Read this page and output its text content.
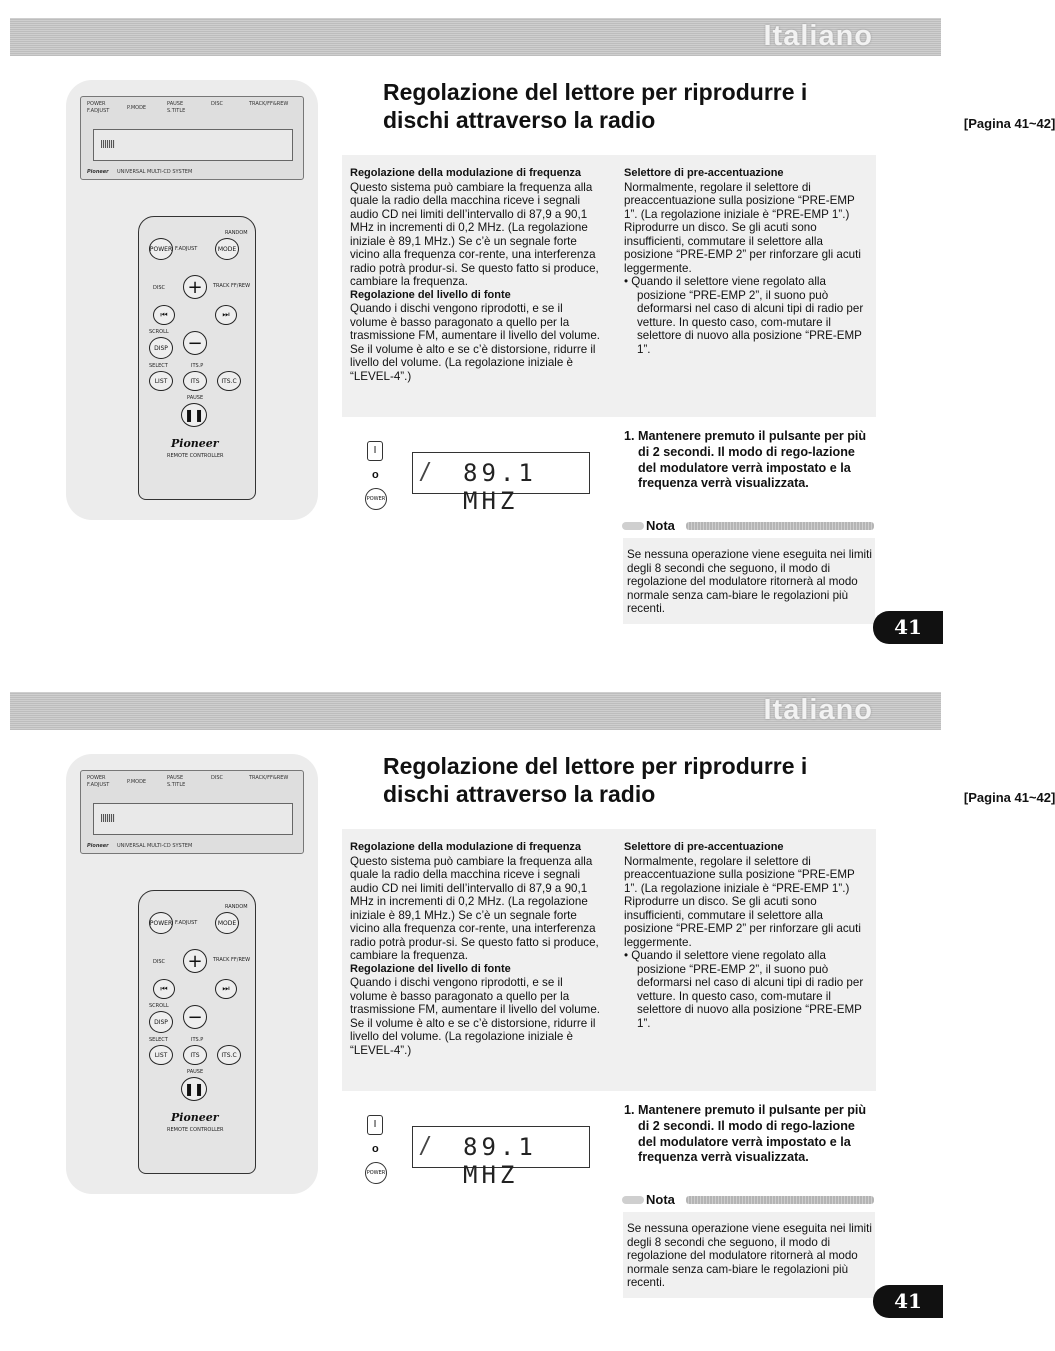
Italiano
POWER
F.ADJUST	P.MODE
PAUSE
S.TITLE
DISC	TRACK/FF&REW
Pioneer UNIVERSAL MULTI-CD SYSTEM
RANDOM
POWER F.ADJUST	MODE
DISC +	TRACK FF/REW
⏮	⏭
SCROLL
DISP −
SELECT	ITS.P
LIST	ITS	ITS.C
PAUSE
❚❚
Pioneer
REMOTE CONTROLLER
Regolazione del lettore per riprodurre i
dischi attraverso la radio	[Pagina 41~42]
Regolazione della modulazione di frequenza

Questo sistema può cambiare la frequenza alla quale la radio della macchina riceve i segnali audio CD nei limiti dell’intervallo di 87,9 a 90,1 MHz in incrementi di 0,2 MHz. (La regolazione iniziale è 89,1 MHz.) Se c’è un segnale forte vicino alla frequenza cor-rente, una interferenza radio potrà produr-si. Se questo fatto si produce, cambiare la frequenza.

Regolazione del livello di fonte

Quando i dischi vengono riprodotti, e se il volume è basso paragonato a quello per la trasmissione FM, aumentare il livello del volume. Se il volume è alto e se c’è distorsione, ridurre il livello del volume. (La regolazione iniziale è “LEVEL-4”.)

Selettore di pre-accentuazione

Normalmente, regolare il selettore di preaccentuazione sulla posizione “PRE-EMP 1”. (La regolazione iniziale è “PRE-EMP 1”.)

Riprodurre un disco. Se gli acuti sono insufficienti, commutare il selettore alla posizione “PRE-EMP 2” per rinforzare gli acuti leggermente.

• Quando il selettore viene regolato alla posizione “PRE-EMP 2”, il suono può deformarsi nel caso di alcuni tipi di radio per vetture. In questo caso, com-mutare il selettore di nuovo alla posizione “PRE-EMP 1”.

I
o
POWER
/ 89.1 MHZ
1. Mantenere premuto il pulsante per più di 2 secondi. Il modo di rego-lazione del modulatore verrà impostato e la frequenza verrà visualizzata.
Nota
Se nessuna operazione viene eseguita nei limiti degli 8 secondi che seguono, il modo di regolazione del modulatore ritornerà al modo normale senza cam-biare le regolazioni più recenti.
41
Italiano
POWER
F.ADJUST	P.MODE
PAUSE
S.TITLE
DISC	TRACK/FF&REW
Pioneer UNIVERSAL MULTI-CD SYSTEM
RANDOM
POWER F.ADJUST	MODE
DISC +	TRACK FF/REW
⏮	⏭
SCROLL
DISP −
SELECT	ITS.P
LIST	ITS	ITS.C
PAUSE
❚❚
Pioneer
REMOTE CONTROLLER
Regolazione del lettore per riprodurre i
dischi attraverso la radio	[Pagina 41~42]
Regolazione della modulazione di frequenza

Questo sistema può cambiare la frequenza alla quale la radio della macchina riceve i segnali audio CD nei limiti dell’intervallo di 87,9 a 90,1 MHz in incrementi di 0,2 MHz. (La regolazione iniziale è 89,1 MHz.) Se c’è un segnale forte vicino alla frequenza cor-rente, una interferenza radio potrà produr-si. Se questo fatto si produce, cambiare la frequenza.

Regolazione del livello di fonte

Quando i dischi vengono riprodotti, e se il volume è basso paragonato a quello per la trasmissione FM, aumentare il livello del volume. Se il volume è alto e se c’è distorsione, ridurre il livello del volume. (La regolazione iniziale è “LEVEL-4”.)

Selettore di pre-accentuazione

Normalmente, regolare il selettore di preaccentuazione sulla posizione “PRE-EMP 1”. (La regolazione iniziale è “PRE-EMP 1”.)

Riprodurre un disco. Se gli acuti sono insufficienti, commutare il selettore alla posizione “PRE-EMP 2” per rinforzare gli acuti leggermente.

• Quando il selettore viene regolato alla posizione “PRE-EMP 2”, il suono può deformarsi nel caso di alcuni tipi di radio per vetture. In questo caso, com-mutare il selettore di nuovo alla posizione “PRE-EMP 1”.

I
o
POWER
/ 89.1 MHZ
1. Mantenere premuto il pulsante per più di 2 secondi. Il modo di rego-lazione del modulatore verrà impostato e la frequenza verrà visualizzata.
Nota
Se nessuna operazione viene eseguita nei limiti degli 8 secondi che seguono, il modo di regolazione del modulatore ritornerà al modo normale senza cam-biare le regolazioni più recenti.
41
